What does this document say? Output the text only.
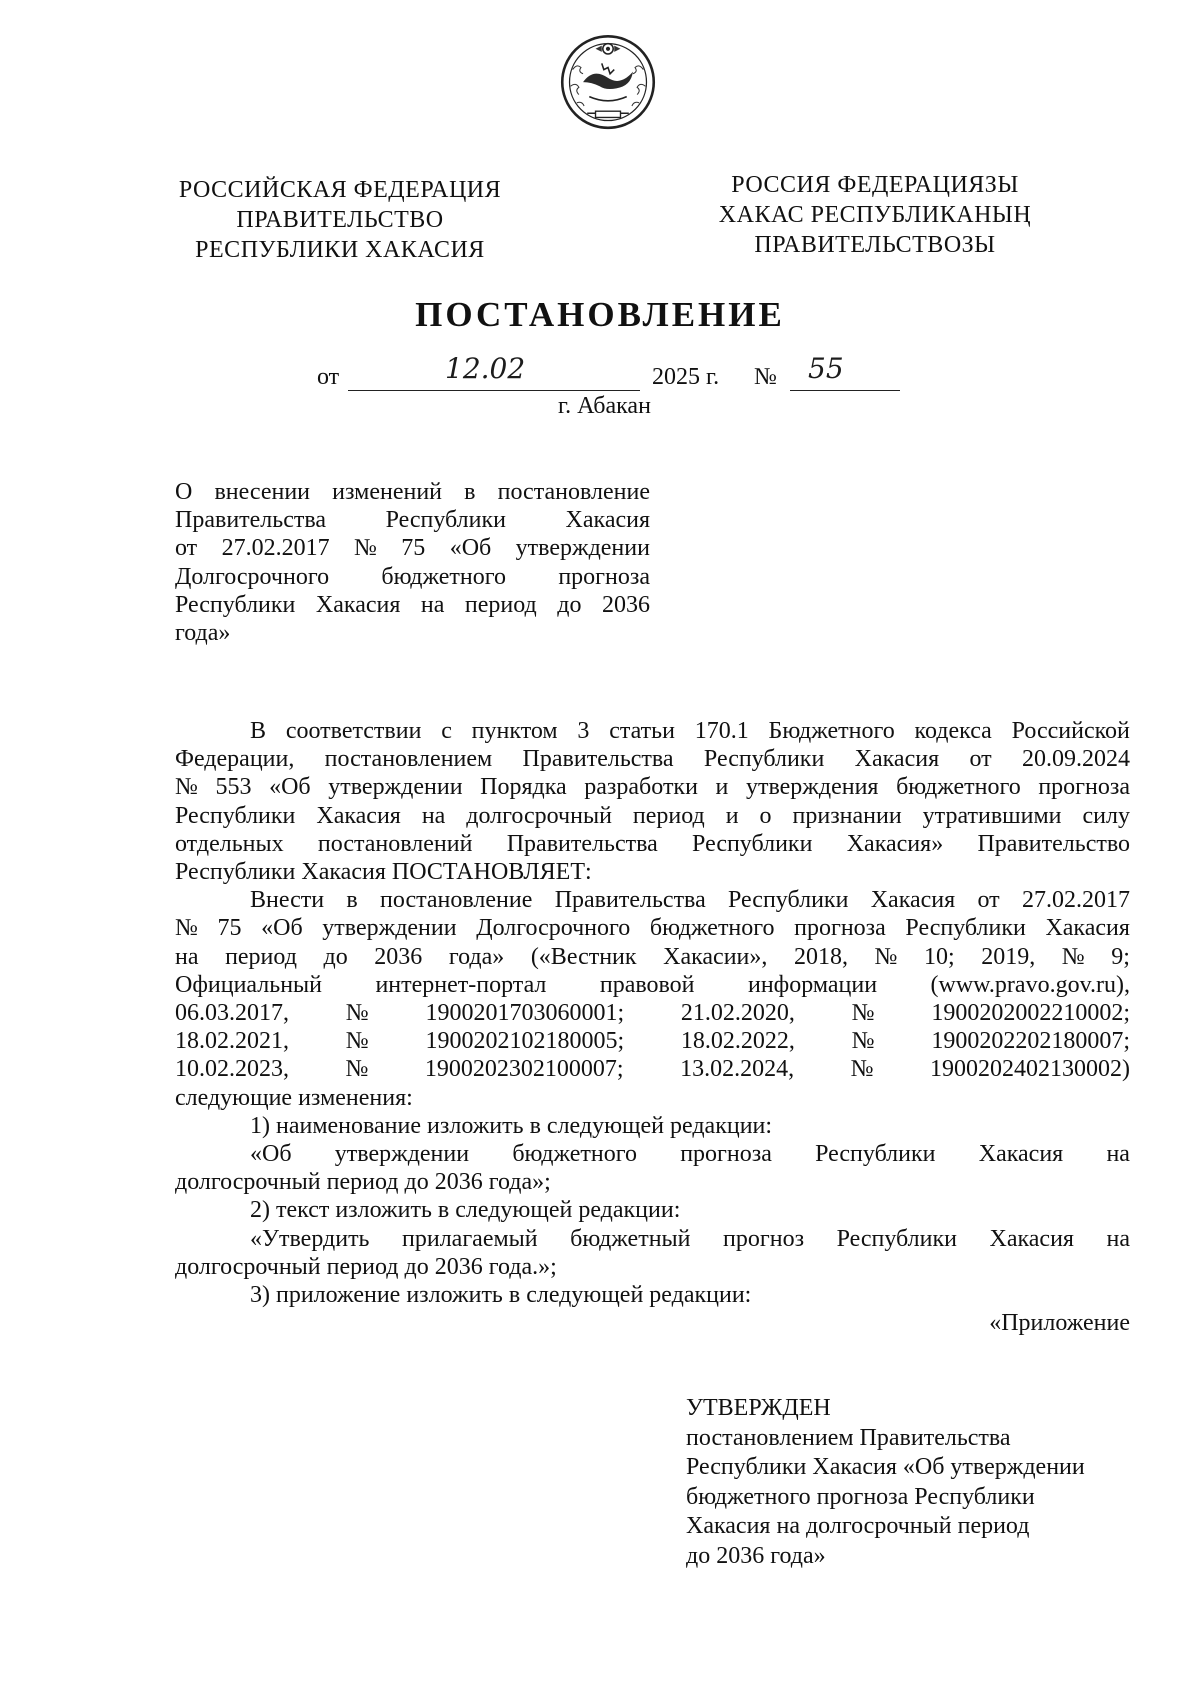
РОССИЙСКАЯ ФЕДЕРАЦИЯ
ПРАВИТЕЛЬСТВО
РЕСПУБЛИКИ ХАКАСИЯ
РОССИЯ ФЕДЕРАЦИЯЗЫ
ХАКАС РЕСПУБЛИКАНЫҢ
ПРАВИТЕЛЬСТВОЗЫ
ПОСТАНОВЛЕНИЕ
от	12.02	2025 г. № 55
г. Абакан
О внесении изменений в постановление
Правительства Республики Хакасия
от 27.02.2017 № 75 «Об утверждении
Долгосрочного бюджетного прогноза
Республики Хакасия на период до 2036
года»
В соответствии с пунктом 3 статьи 170.1 Бюджетного кодекса Российской
Федерации, постановлением Правительства Республики Хакасия от 20.09.2024
№ 553 «Об утверждении Порядка разработки и утверждения бюджетного прогноза
Республики Хакасия на долгосрочный период и о признании утратившими силу
отдельных постановлений Правительства Республики Хакасия» Правительство
Республики Хакасия ПОСТАНОВЛЯЕТ:
Внести в постановление Правительства Республики Хакасия от 27.02.2017
№ 75 «Об утверждении Долгосрочного бюджетного прогноза Республики Хакасия
на период до 2036 года» («Вестник Хакасии», 2018, № 10; 2019, № 9;
Официальный интернет-портал правовой информации (www.pravo.gov.ru),
06.03.2017, № 1900201703060001; 21.02.2020, № 1900202002210002;
18.02.2021, № 1900202102180005; 18.02.2022, № 1900202202180007;
10.02.2023, № 1900202302100007; 13.02.2024, № 1900202402130002)
следующие изменения:
1) наименование изложить в следующей редакции:
«Об утверждении бюджетного прогноза Республики Хакасия на
долгосрочный период до 2036 года»;
2) текст изложить в следующей редакции:
«Утвердить прилагаемый бюджетный прогноз Республики Хакасия на
долгосрочный период до 2036 года.»;
3) приложение изложить в следующей редакции:
«Приложение
УТВЕРЖДЕН
постановлением Правительства
Республики Хакасия «Об утверждении
бюджетного прогноза Республики
Хакасия на долгосрочный период
до 2036 года»
